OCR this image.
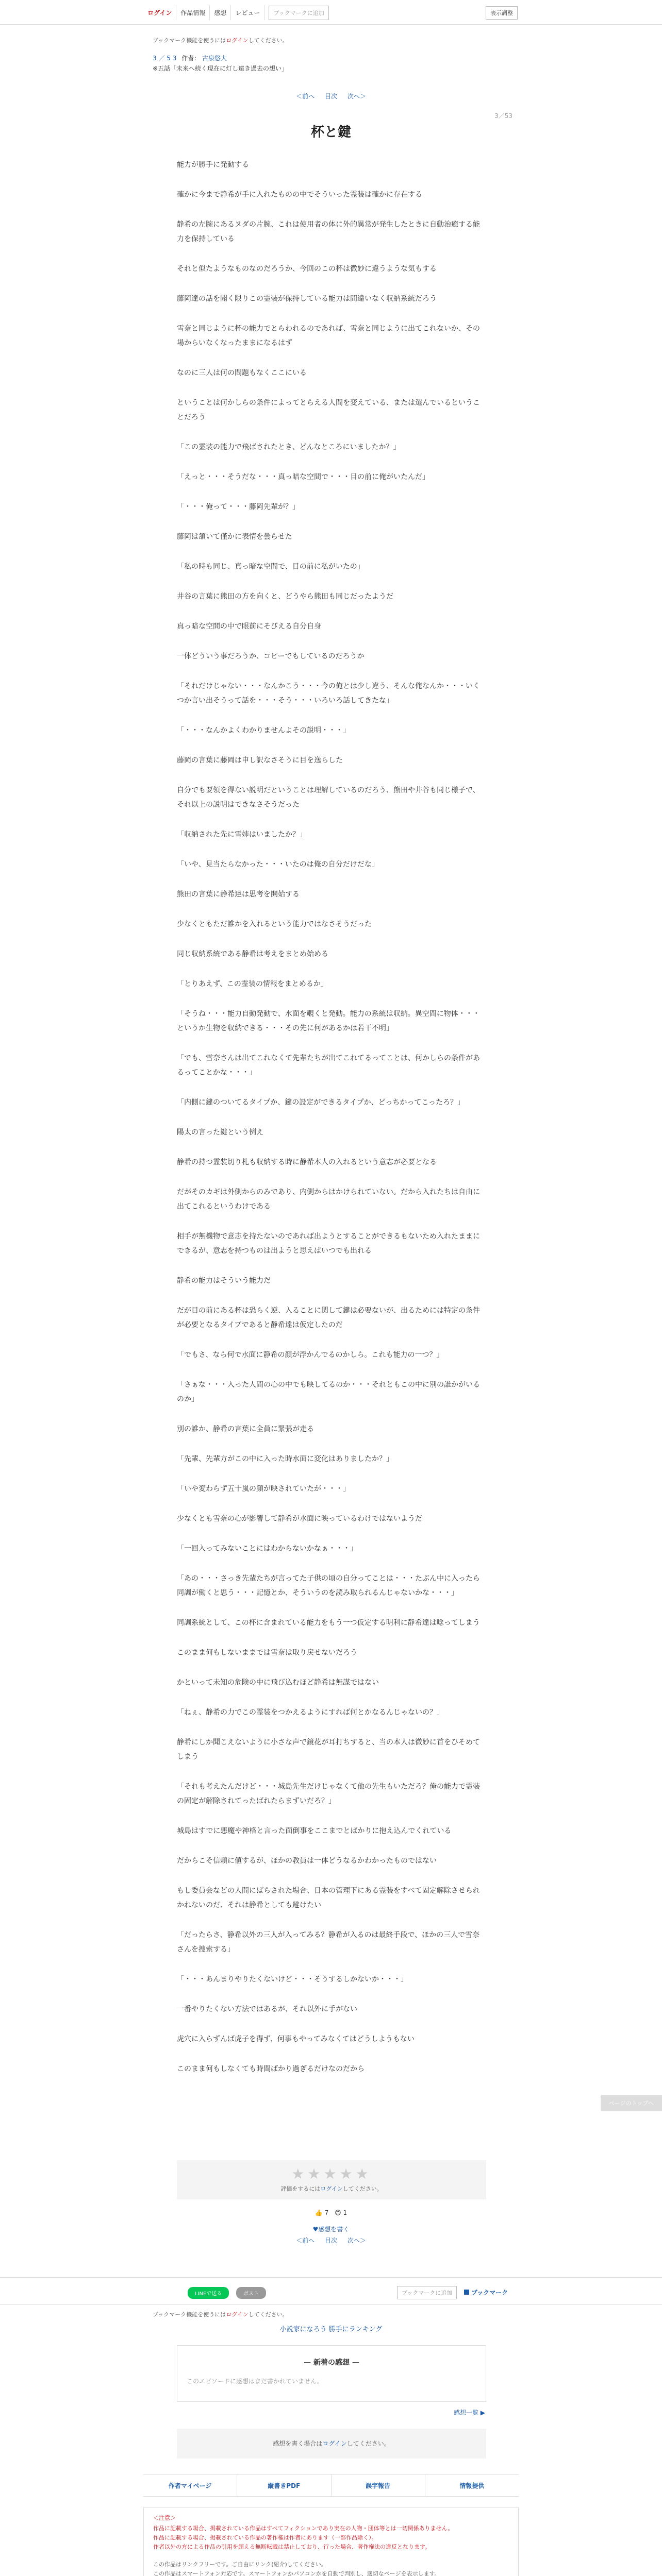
ログイン	作品情報	感想	レビュー	ブックマークに追加	表示調整
ブックマーク機能を使うにはログインしてください。
3 ／ 5 3 作者： 古泉悠大
※五話「未来へ続く現在に灯し遠き過去の想い」
＜前へ 目次 次へ＞
3／53
杯と鍵

能力が勝手に発動する

確かに今まで静希が手に入れたものの中でそういった霊装は確かに存在する

静希の左腕にあるヌダの片腕、これは使用者の体に外的異常が発生したときに自動治癒する能力を保持している

それと似たようなものなのだろうか、今回のこの杯は微妙に違うような気もする

藤岡達の話を聞く限りこの霊装が保持している能力は間違いなく収納系統だろう

雪奈と同じように杯の能力でとらわれるのであれば、雪奈と同じように出てこれないか、その場からいなくなったままになるはず

なのに三人は何の問題もなくここにいる

ということは何かしらの条件によってとらえる人間を変えている、または選んでいるということだろう

「この霊装の能力で飛ばされたとき、どんなところにいましたか？」

「えっと・・・そうだな・・・真っ暗な空間で・・・目の前に俺がいたんだ」

「・・・俺って・・・藤岡先輩が？」

藤岡は頷いて僅かに表情を曇らせた

「私の時も同じ、真っ暗な空間で、目の前に私がいたの」

井谷の言葉に熊田の方を向くと、どうやら熊田も同じだったようだ

真っ暗な空間の中で眼前にそびえる自分自身

一体どういう事だろうか、コピーでもしているのだろうか

「それだけじゃない・・・なんかこう・・・今の俺とは少し違う、そんな俺なんか・・・いくつか言い出そうって話を・・・そう・・・いろいろ話してきたな」

「・・・なんかよくわかりませんよその説明・・・」

藤岡の言葉に藤岡は申し訳なさそうに目を逸らした

自分でも要領を得ない説明だということは理解しているのだろう、熊田や井谷も同じ様子で、それ以上の説明はできなさそうだった

「収納された先に雪姉はいましたか？」

「いや、見当たらなかった・・・いたのは俺の自分だけだな」

熊田の言葉に静希達は思考を開始する

少なくともただ誰かを入れるという能力ではなさそうだった

同じ収納系統である静希は考えをまとめ始める

「とりあえず、この霊装の情報をまとめるか」

「そうね・・・能力自動発動で、水面を覗くと発動。能力の系統は収納。異空間に物体・・・というか生物を収納できる・・・その先に何があるかは若干不明」

「でも、雪奈さんは出てこれなくて先輩たちが出てこれてるってことは、何かしらの条件があるってことかな・・・」

「内側に鍵のついてるタイプか、鍵の設定ができるタイプか、どっちかってこったろ？」

陽太の言った鍵という例え

静希の持つ霊装切り札も収納する時に静希本人の入れるという意志が必要となる

だがそのカギは外側からのみであり、内側からはかけられていない。だから入れたちは自由に出てこれるというわけである

相手が無機物で意志を持たないのであれば出ようとすることができるもないため入れたままにできるが、意志を持つものは出ようと思えばいつでも出れる

静希の能力はそういう能力だ

だが目の前にある杯は恐らく逆、入ることに関して鍵は必要ないが、出るためには特定の条件が必要となるタイプであると静希達は仮定したのだ

「でもさ、なら何で水面に静希の顔が浮かんでるのかしら。これも能力の一つ？」

「さぁな・・・入った人間の心の中でも映してるのか・・・それともこの中に別の誰かがいるのか」

別の誰か、静希の言葉に全員に緊張が走る

「先輩、先輩方がこの中に入った時水面に変化はありましたか？」

「いや変わらず五十嵐の顔が映されていたが・・・」

少なくとも雪奈の心が影響して静希が水面に映っているわけではないようだ

「一回入ってみないことにはわからないかなぁ・・・」

「あの・・・さっき先輩たちが言ってた子供の頃の自分ってことは・・・たぶん中に入ったら同調が働くと思う・・・記憶とか、そういうのを読み取られるんじゃないかな・・・」

同調系統として、この杯に含まれている能力をもう一つ仮定する明利に静希達は唸ってしまう

このまま何もしないままでは雪奈は取り戻せないだろう

かといって未知の危険の中に飛び込むほど静希は無謀ではない

「ねぇ、静希の力でこの霊装をつかえるようにすれば何とかなるんじゃないの？」

静希にしか聞こえないように小さな声で鏡花が耳打ちすると、当の本人は微妙に首をひそめてしまう

「それも考えたんだけど・・・城島先生だけじゃなくて他の先生もいただろ？俺の能力で霊装の固定が解除されてったばれたらまずいだろ？」

城島はすでに悪魔や神格と言った面倒事をここまでとばかりに抱え込んでくれている

だからこそ信頼に値するが、ほかの教員は一体どうなるかわかったものではない

もし委員会などの人間にばらされた場合、日本の管理下にある霊装をすべて固定解除させられかねないのだ、それは静希としても避けたい

「だったらさ、静希以外の三人が入ってみる？静希が入るのは最終手段で、ほかの三人で雪奈さんを捜索する」

「・・・あんまりやりたくないけど・・・そうするしかないか・・・」

一番やりたくない方法ではあるが、それ以外に手がない

虎穴に入らずんば虎子を得ず、何事もやってみなくてはどうしようもない

このまま何もしなくても時間ばかり過ぎるだけなのだから

ページのトップへ
★★★★★
評価をするにはログインしてください。
👍 7 😊 1
♥感想を書く
＜前へ 目次 次へ＞
LINEで送る	ポスト	ブックマークに追加	ブックマーク
ブックマーク機能を使うにはログインしてください。
小説家になろう 勝手にランキング
— 新着の感想 —
このエピソードに感想はまだ書かれていません。
感想一覧 ▶
感想を書く場合はログインしてください。
作者マイページ	縦書きPDF	誤字報告	情報提供
＜注意＞
作品に記載する場合、掲載されている作品はすべてフィクションであり実在の人物・団体等とは一切関係ありません。
作品に記載する場合、掲載されている作品の著作権は作者にあります（一部作品除く）。
作者以外の方による作品の引用を超える無断転載は禁止しており、行った場合、著作権法の違反となります。
この作品はリンクフリーです。ご自由にリンク(紹介)してください。
この作品はスマートフォン対応です。スマートフォンかパソコンかを自動で判別し、適切なページを表示します。
